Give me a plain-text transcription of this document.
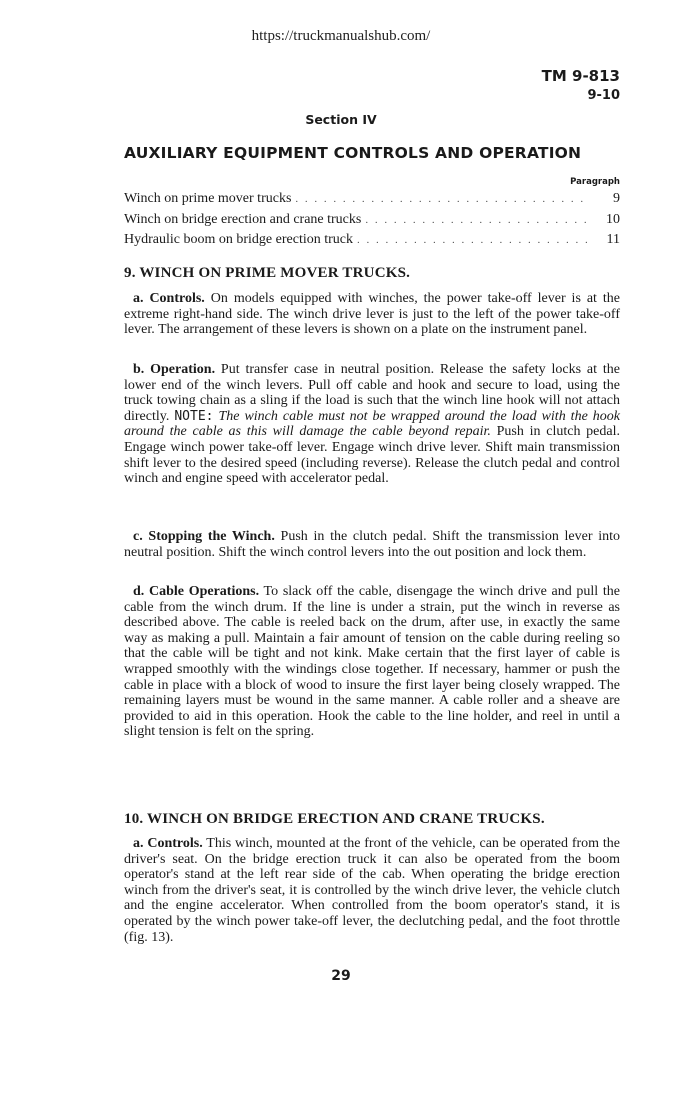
https://truckmanualshub.com/
TM 9-813
9-10
Section IV
AUXILIARY EQUIPMENT CONTROLS AND OPERATION
Paragraph
Winch on prime mover trucks . . .	9
Winch on bridge erection and crane trucks . . .	10
Hydraulic boom on bridge erection truck . . .	11
9. WINCH ON PRIME MOVER TRUCKS.

a. Controls. On models equipped with winches, the power take-off lever is at the extreme right-hand side. The winch drive lever is just to the left of the power take-off lever. The arrangement of these levers is shown on a plate on the instrument panel.

b. Operation. Put transfer case in neutral position. Release the safety locks at the lower end of the winch levers. Pull off cable and hook and secure to load, using the truck towing chain as a sling if the load is such that the winch line hook will not attach directly. NOTE: The winch cable must not be wrapped around the load with the hook around the cable as this will damage the cable beyond repair. Push in clutch pedal. Engage winch power take-off lever. Engage winch drive lever. Shift main transmission shift lever to the desired speed (including reverse). Release the clutch pedal and control winch and engine speed with accelerator pedal.

c. Stopping the Winch. Push in the clutch pedal. Shift the transmission lever into neutral position. Shift the winch control levers into the out position and lock them.

d. Cable Operations. To slack off the cable, disengage the winch drive and pull the cable from the winch drum. If the line is under a strain, put the winch in reverse as described above. The cable is reeled back on the drum, after use, in exactly the same way as making a pull. Maintain a fair amount of tension on the cable during reeling so that the cable will be tight and not kink. Make certain that the first layer of cable is wrapped smoothly with the windings close together. If necessary, hammer or push the cable in place with a block of wood to insure the first layer being closely wrapped. The remaining layers must be wound in the same manner. A cable roller and a sheave are provided to aid in this operation. Hook the cable to the line holder, and reel in until a slight tension is felt on the spring.

10. WINCH ON BRIDGE ERECTION AND CRANE TRUCKS.

a. Controls. This winch, mounted at the front of the vehicle, can be operated from the driver's seat. On the bridge erection truck it can also be operated from the boom operator's stand at the left rear side of the cab. When operating the bridge erection winch from the driver's seat, it is controlled by the winch drive lever, the vehicle clutch and the engine accelerator. When controlled from the boom operator's stand, it is operated by the winch power take-off lever, the declutching pedal, and the foot throttle (fig. 13).

29
